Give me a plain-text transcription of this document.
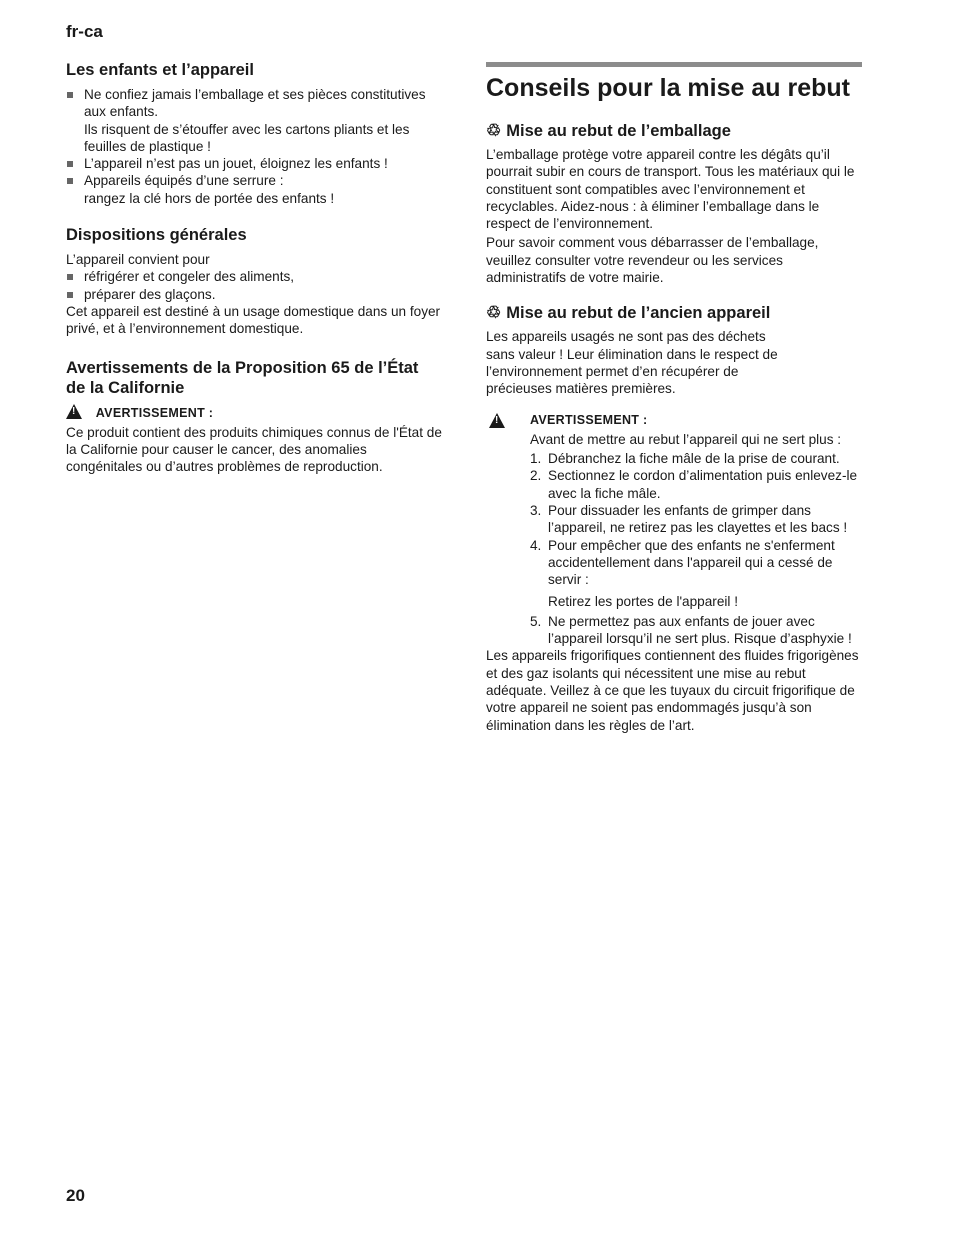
fr-ca
Les enfants et l’appareil
Ne confiez jamais l’emballage et ses pièces constitutives aux enfants.
Ils risquent de s’étouffer avec les cartons pliants et les feuilles de plastique !
L’appareil n’est pas un jouet, éloignez les enfants !
Appareils équipés d’une serrure :
rangez la clé hors de portée des enfants !
Dispositions générales

L’appareil convient pour

réfrigérer et congeler des aliments,
préparer des glaçons.

Cet appareil est destiné à un usage domestique dans un foyer privé, et à l’environnement domestique.

Avertissements de la Proposition 65 de l’État de la Californie
! AVERTISSEMENT :

Ce produit contient des produits chimiques connus de l'État de la Californie pour causer le cancer, des anomalies congénitales ou d’autres problèmes de reproduction.

Conseils pour la mise au rebut
♲ Mise au rebut de l’emballage

L’emballage protège votre appareil contre les dégâts qu’il pourrait subir en cours de transport. Tous les matériaux qui le constituent sont compatibles avec l’environnement et recyclables. Aidez-nous : à éliminer l’emballage dans le respect de l’environnement.

Pour savoir comment vous débarrasser de l’emballage, veuillez consulter votre revendeur ou les services administratifs de votre mairie.

♲ Mise au rebut de l’ancien appareil

Les appareils usagés ne sont pas des déchets sans valeur ! Leur élimination dans le respect de l’environnement permet d’en récupérer de précieuses matières premières.

!
AVERTISSEMENT :

Avant de mettre au rebut l’appareil qui ne sert plus :

1. Débranchez la fiche mâle de la prise de courant.
2. Sectionnez le cordon d’alimentation puis enlevez-le avec la fiche mâle.
3. Pour dissuader les enfants de grimper dans l’appareil, ne retirez pas les clayettes et les bacs !
4. Pour empêcher que des enfants ne s'enferment accidentellement dans l'appareil qui a cessé de servir :
Retirez les portes de l'appareil !
5. Ne permettez pas aux enfants de jouer avec l’appareil lorsqu’il ne sert plus. Risque d’asphyxie !

Les appareils frigorifiques contiennent des fluides frigorigènes et des gaz isolants qui nécessitent une mise au rebut adéquate. Veillez à ce que les tuyaux du circuit frigorifique de votre appareil ne soient pas endommagés jusqu’à son élimination dans les règles de l’art.

20
